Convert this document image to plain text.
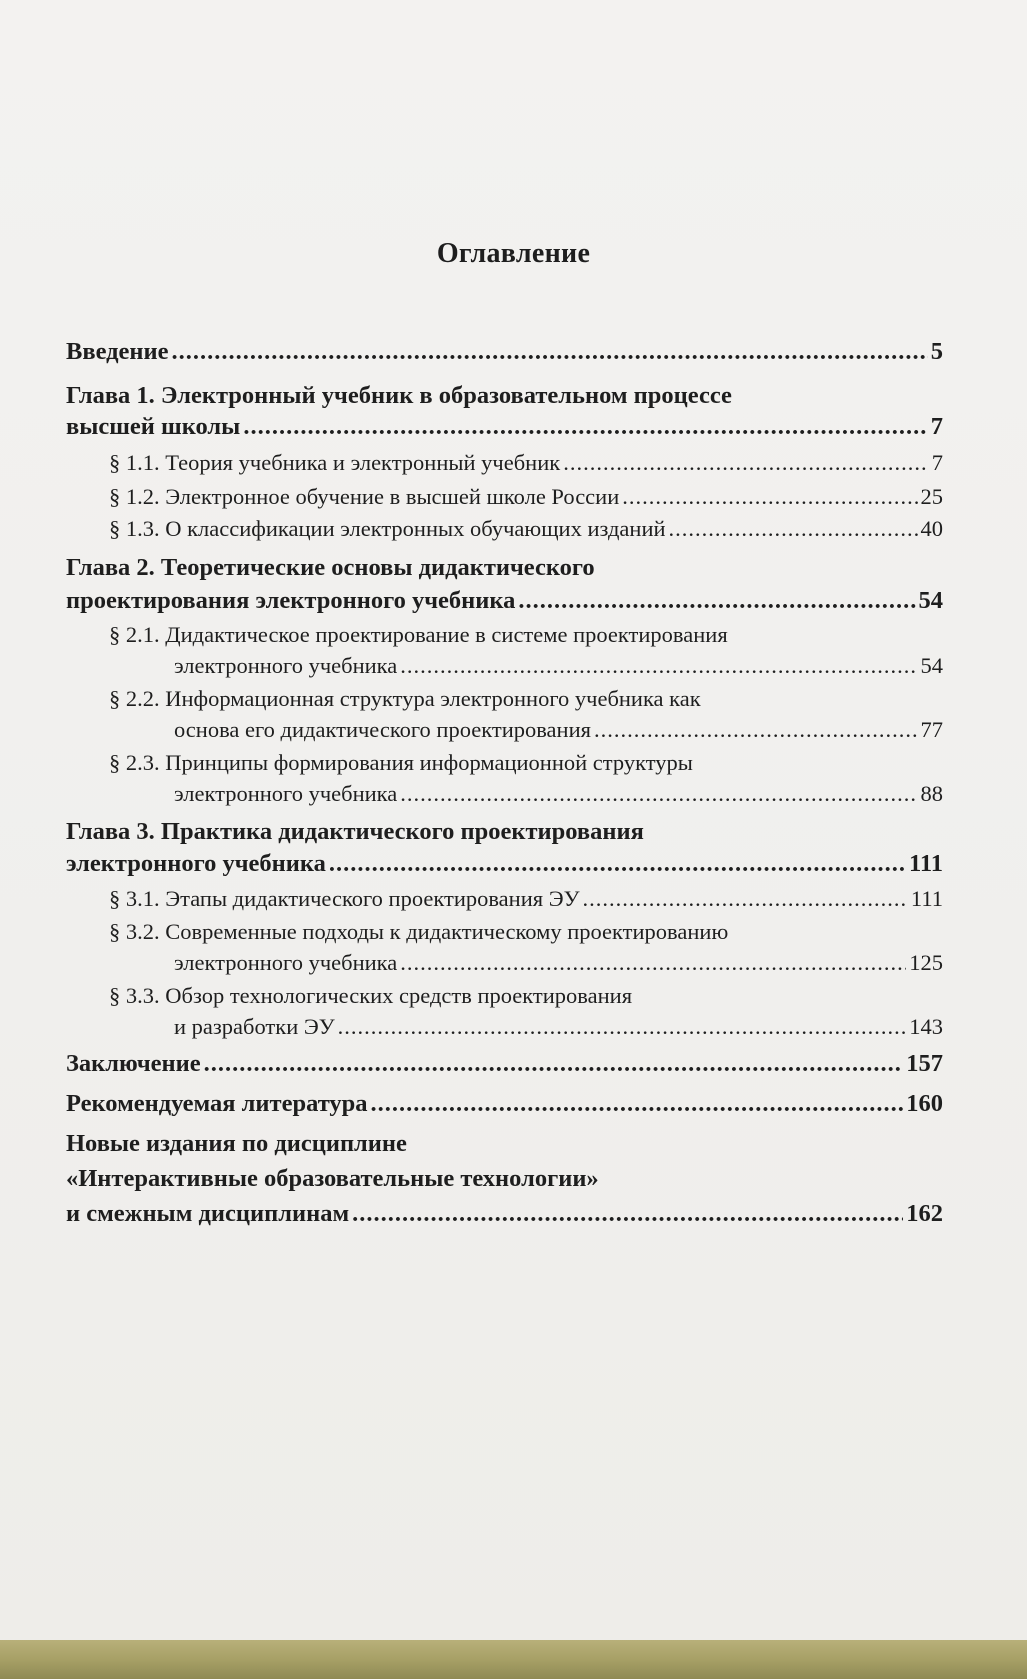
Оглавление
Введение .....	5
Глава 1. Электронный учебник в образовательном процессе
высшей школы .....	7
§ 1.1. Теория учебника и электронный учебник .....	7
§ 1.2. Электронное обучение в высшей школе России .....	25
§ 1.3. О классификации электронных обучающих изданий .....	40
Глава 2. Теоретические основы дидактического
проектирования электронного учебника .....	54
§ 2.1. Дидактическое проектирование в системе проектирования
электронного учебника .....	54
§ 2.2. Информационная структура электронного учебника как
основа его дидактического проектирования .....	77
§ 2.3. Принципы формирования информационной структуры
электронного учебника .....	88
Глава 3. Практика дидактического проектирования
электронного учебника .....	111
§ 3.1. Этапы дидактического проектирования ЭУ .....	111
§ 3.2. Современные подходы к дидактическому проектированию
электронного учебника .....	125
§ 3.3. Обзор технологических средств проектирования
и разработки ЭУ .....	143
Заключение .....	157
Рекомендуемая литература .....	160
Новые издания по дисциплине
«Интерактивные образовательные технологии»
и смежным дисциплинам .....	162
